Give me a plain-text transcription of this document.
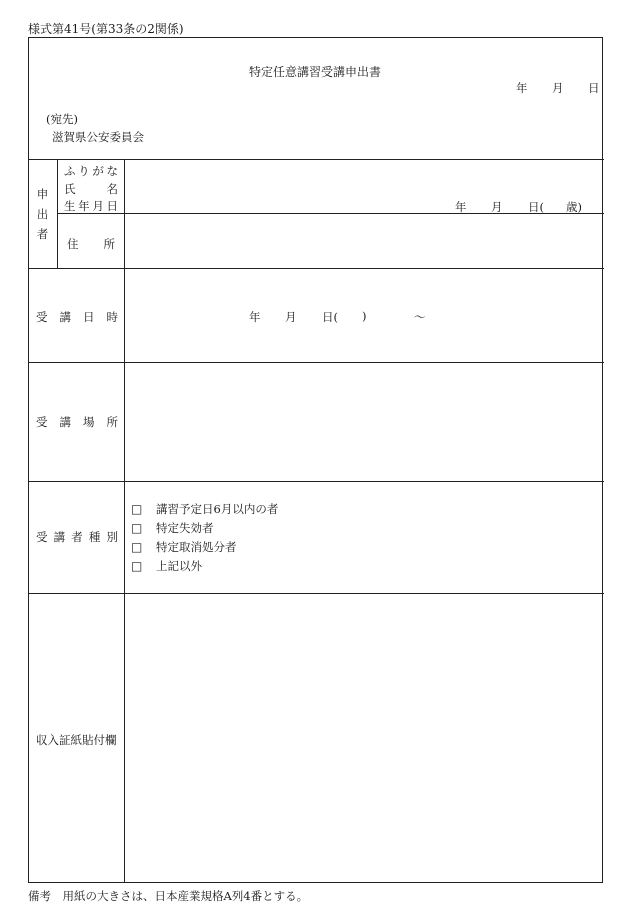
様式第41号(第33条の2関係)
特定任意講習受講申出書
年 月 日
(宛先)
滋賀県公安委員会
申
出
者
ふ り が な
氏	名
生 年 月 日	年 月 日( 歳)
住 所
受 講 日 時	年 月 日( )	〜
受 講 場 所
受 講 者 種 別
□ 講習予定日6月以内の者
□ 特定失効者
□ 特定取消処分者
□ 上記以外
収入証紙貼付欄
備考　用紙の大きさは、日本産業規格A列4番とする。
